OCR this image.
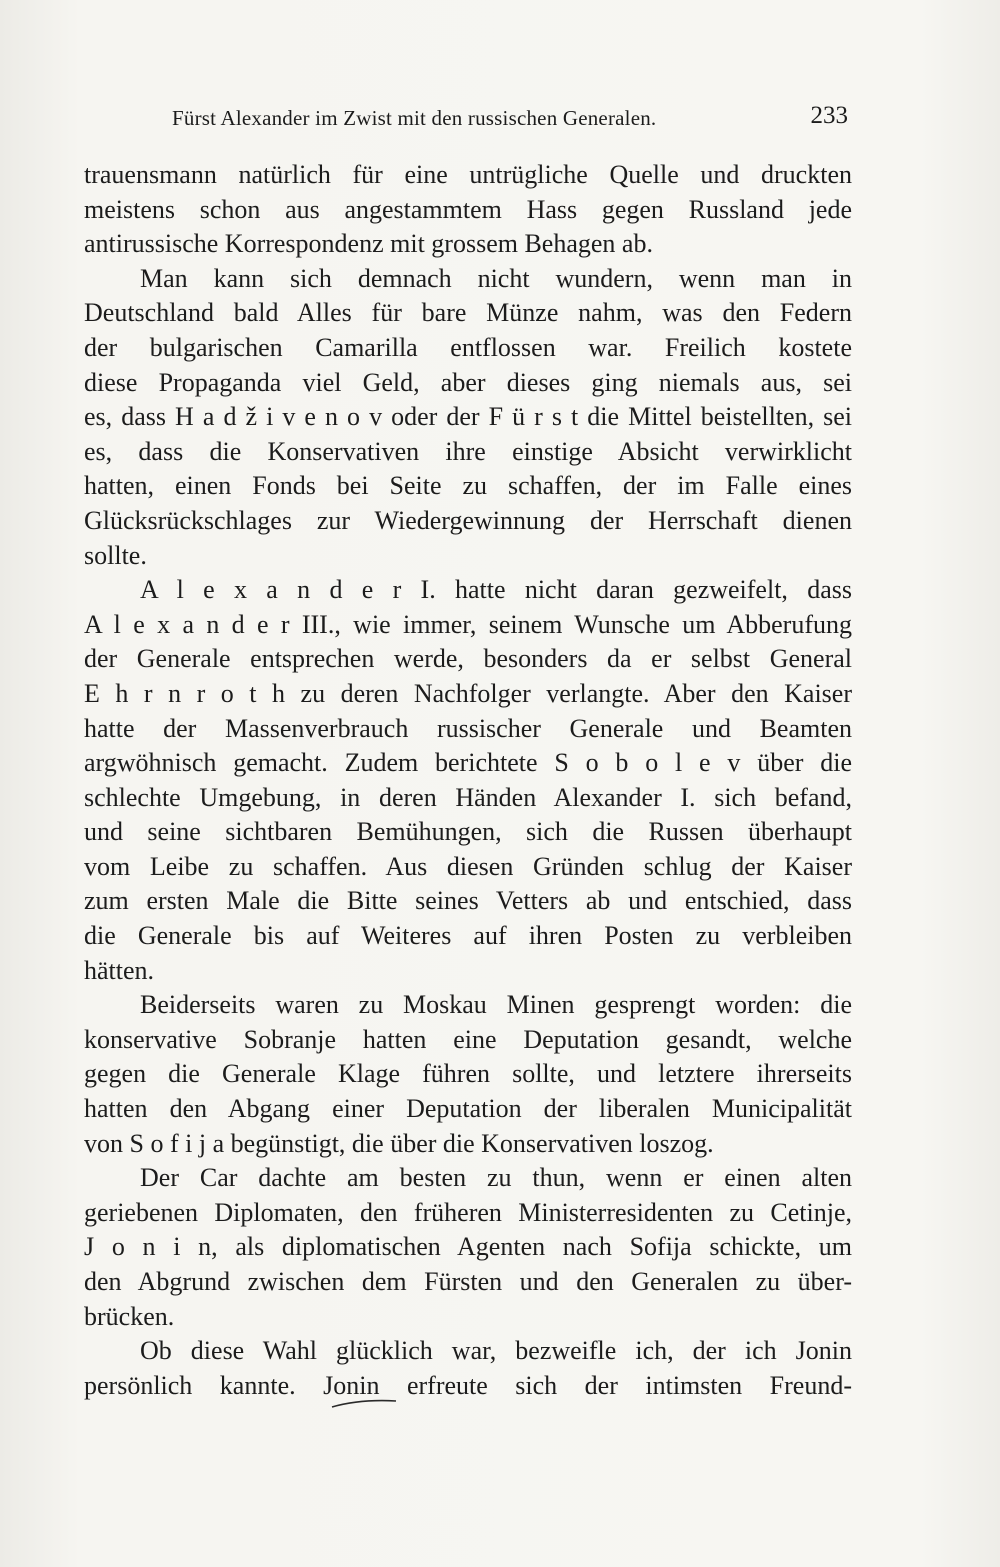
Fürst Alexander im Zwist mit den russischen Generalen.	233
trauensmann natürlich für eine untrügliche Quelle und druckten
meistens schon aus angestammtem Hass gegen Russland jede
antirussische Korrespondenz mit grossem Behagen ab.
Man kann sich demnach nicht wundern, wenn man in
Deutschland bald Alles für bare Münze nahm, was den Federn
der bulgarischen Camarilla entflossen war. Freilich kostete
diese Propaganda viel Geld, aber dieses ging niemals aus, sei
es, dass H a d ž i v e n o v oder der F ü r s t die Mittel beistellten, sei
es, dass die Konservativen ihre einstige Absicht verwirklicht
hatten, einen Fonds bei Seite zu schaffen, der im Falle eines
Glücksrückschlages zur Wiedergewinnung der Herrschaft dienen
sollte.
A l e x a n d e r I. hatte nicht daran gezweifelt, dass
A l e x a n d e r III., wie immer, seinem Wunsche um Abberufung
der Generale entsprechen werde, besonders da er selbst General
E h r n r o t h zu deren Nachfolger verlangte. Aber den Kaiser
hatte der Massenverbrauch russischer Generale und Beamten
argwöhnisch gemacht. Zudem berichtete S o b o l e v über die
schlechte Umgebung, in deren Händen Alexander I. sich befand,
und seine sichtbaren Bemühungen, sich die Russen überhaupt
vom Leibe zu schaffen. Aus diesen Gründen schlug der Kaiser
zum ersten Male die Bitte seines Vetters ab und entschied, dass
die Generale bis auf Weiteres auf ihren Posten zu verbleiben
hätten.
Beiderseits waren zu Moskau Minen gesprengt worden: die
konservative Sobranje hatten eine Deputation gesandt, welche
gegen die Generale Klage führen sollte, und letztere ihrerseits
hatten den Abgang einer Deputation der liberalen Municipalität
von S o f i j a begünstigt, die über die Konservativen loszog.
Der Car dachte am besten zu thun, wenn er einen alten
geriebenen Diplomaten, den früheren Ministerresidenten zu Cetinje,
J o n i n, als diplomatischen Agenten nach Sofija schickte, um
den Abgrund zwischen dem Fürsten und den Generalen zu über-
brücken.
Ob diese Wahl glücklich war, bezweifle ich, der ich Jonin
persönlich kannte. Jonin erfreute sich der intimsten Freund-
